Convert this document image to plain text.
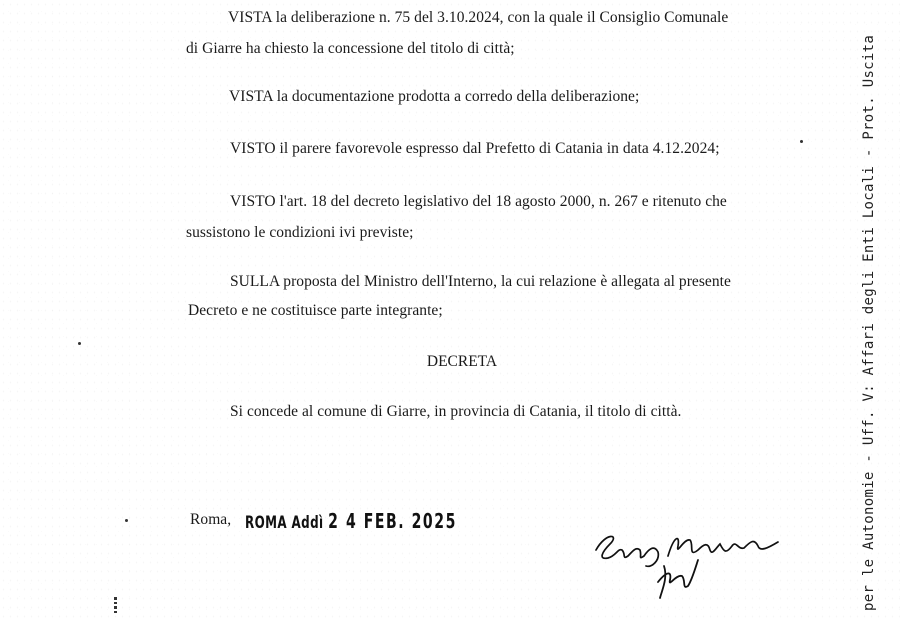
VISTA la deliberazione n. 75 del 3.10.2024, con la quale il Consiglio Comunale
di Giarre ha chiesto la concessione del titolo di città;
VISTA la documentazione prodotta a corredo della deliberazione;
VISTO il parere favorevole espresso dal Prefetto di Catania in data 4.12.2024;
VISTO l'art. 18 del decreto legislativo del 18 agosto 2000, n. 267 e ritenuto che
sussistono le condizioni ivi previste;
SULLA proposta del Ministro dell'Interno, la cui relazione è allegata al presente
Decreto e ne costituisce parte integrante;
DECRETA
Si concede al comune di Giarre, in provincia di Catania, il titolo di città.
Roma, ROMA Addì 2 4 FEB. 2025	per le Autonomie - Uff. V: Affari degli Enti Locali - Prot. Uscita
